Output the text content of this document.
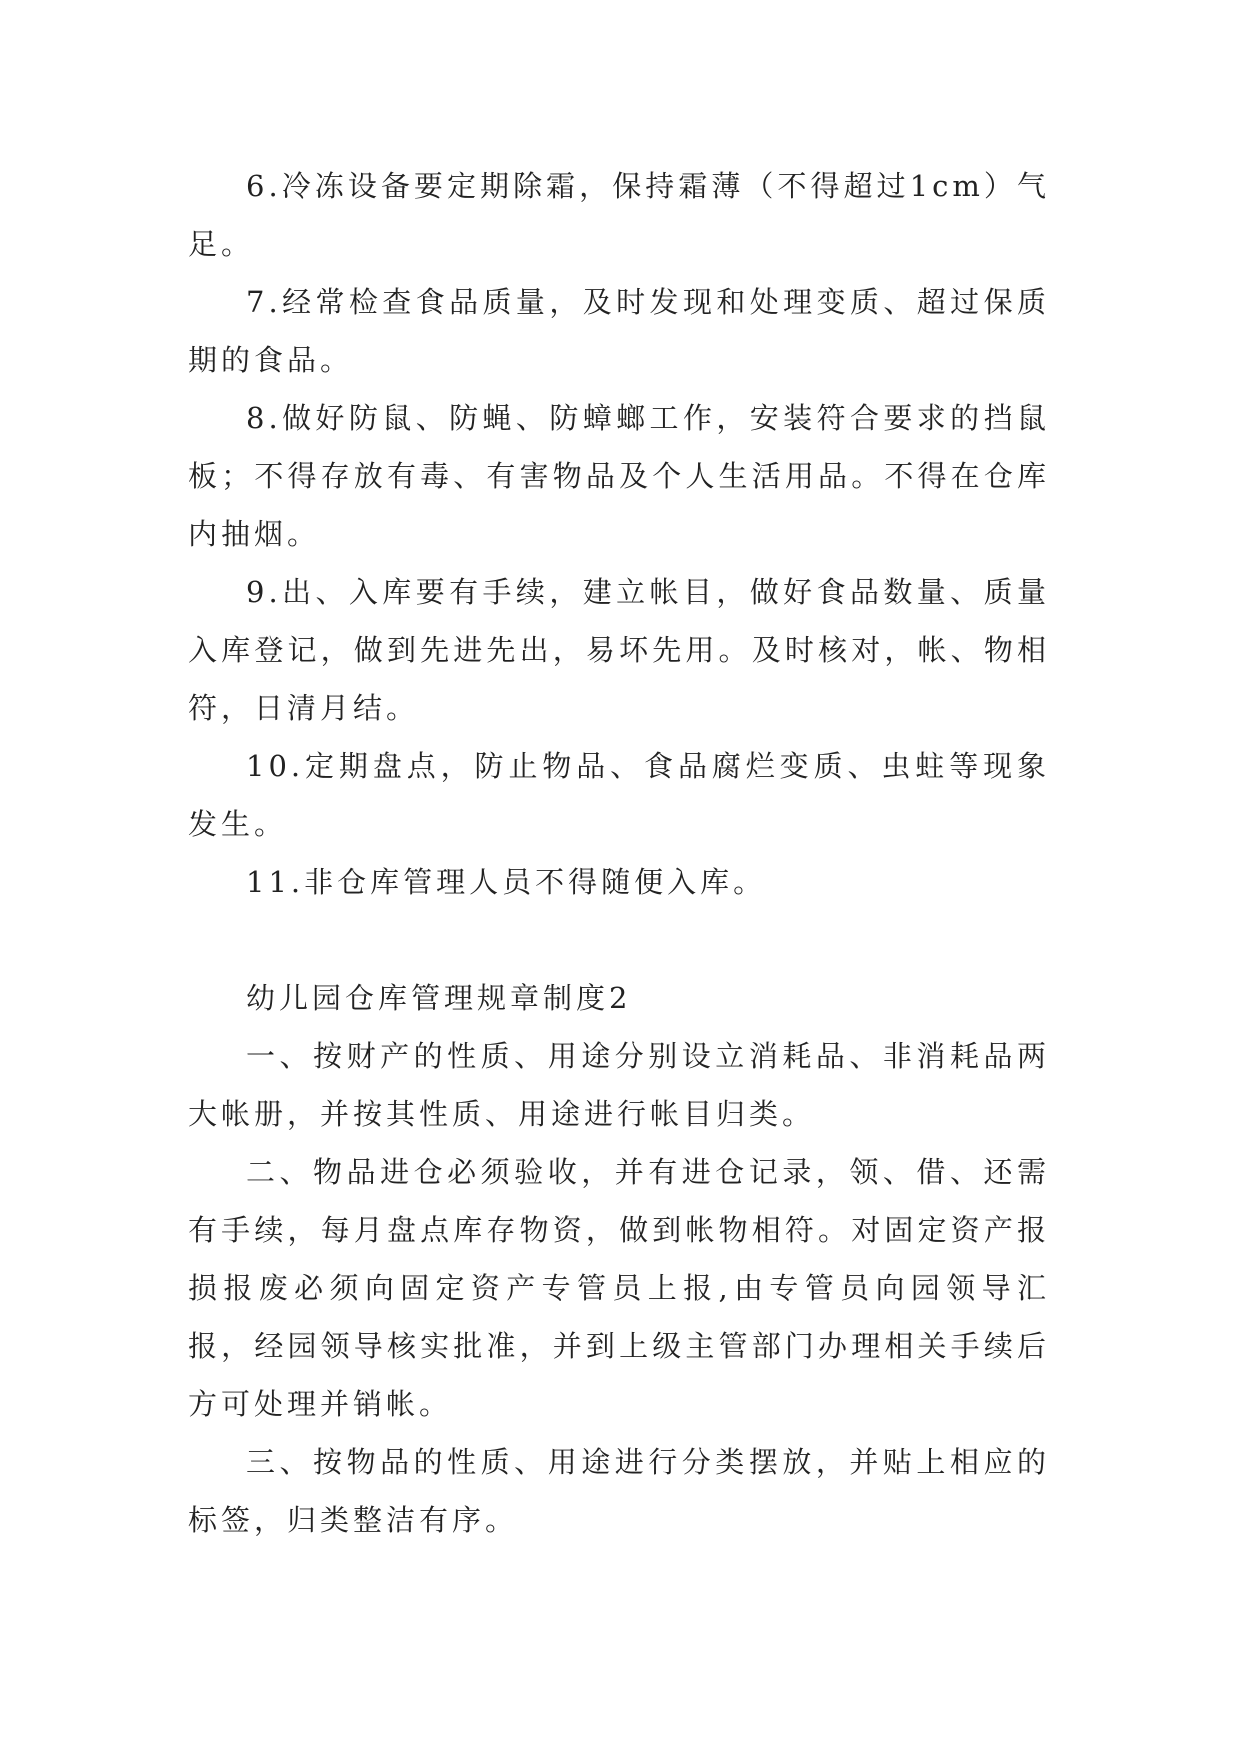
6.冷冻设备要定期除霜，保持霜薄（不得超过1cm）气足。

7.经常检查食品质量，及时发现和处理变质、超过保质期的食品。

8.做好防鼠、防蝇、防蟑螂工作，安装符合要求的挡鼠板；不得存放有毒、有害物品及个人生活用品。不得在仓库内抽烟。

9.出、入库要有手续，建立帐目，做好食品数量、质量入库登记，做到先进先出，易坏先用。及时核对，帐、物相符，日清月结。

10.定期盘点，防止物品、食品腐烂变质、虫蛀等现象发生。

11.非仓库管理人员不得随便入库。

幼儿园仓库管理规章制度2

一、按财产的性质、用途分别设立消耗品、非消耗品两大帐册，并按其性质、用途进行帐目归类。

二、物品进仓必须验收，并有进仓记录，领、借、还需有手续，每月盘点库存物资，做到帐物相符。对固定资产报损报废必须向固定资产专管员上报,由专管员向园领导汇报，经园领导核实批准，并到上级主管部门办理相关手续后方可处理并销帐。

三、按物品的性质、用途进行分类摆放，并贴上相应的标签，归类整洁有序。
